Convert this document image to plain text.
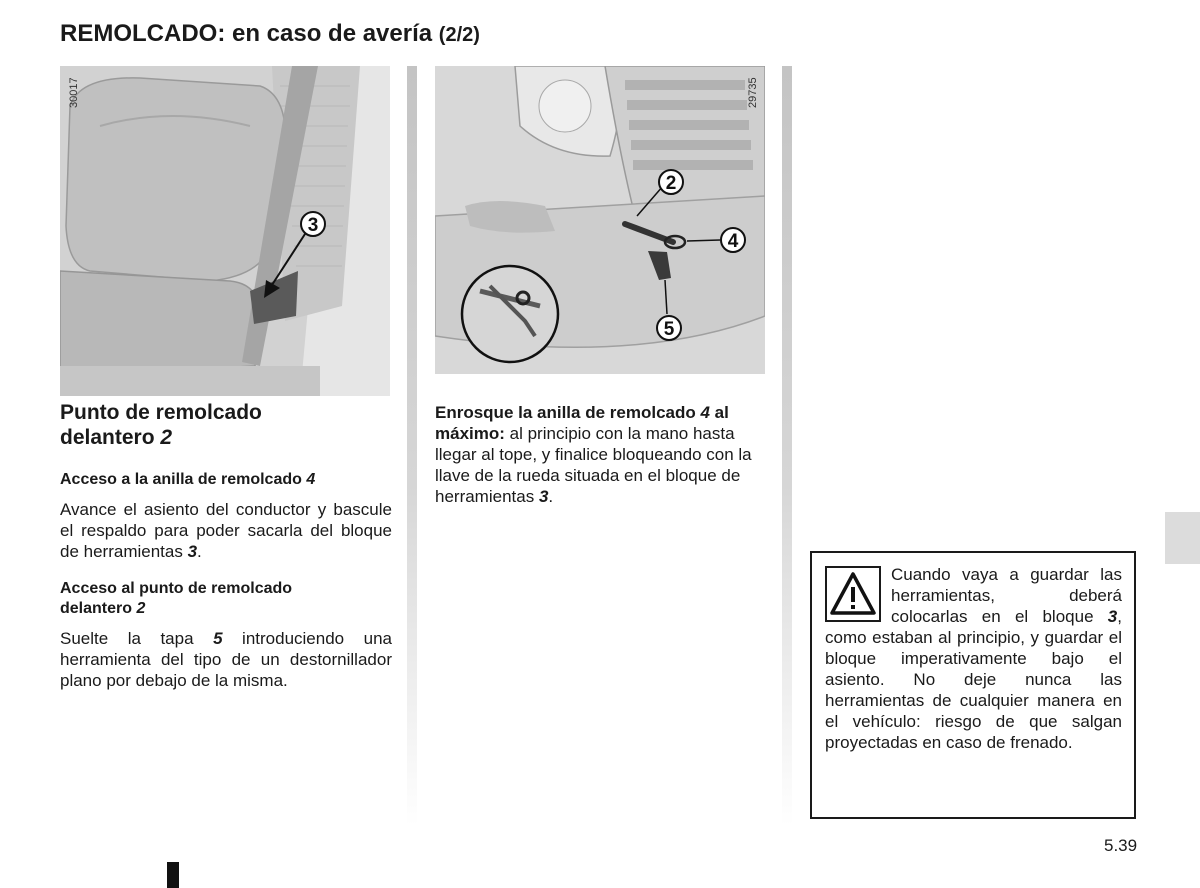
REMOLCADO: en caso de avería (2/2)
3
30017
2
4
5
29735
Punto de remolcado
delantero 2
Acceso a la anilla de remolcado 4
Avance el asiento del conductor y bascule el respaldo para poder sacarla del bloque de herramientas 3.
Acceso al punto de remolcado
delantero 2
Suelte la tapa 5 introduciendo una herramienta del tipo de un destornillador plano por debajo de la misma.
Enrosque la anilla de remolcado 4 al máximo: al principio con la mano hasta llegar al tope, y finalice bloqueando con la llave de la rueda situada en el bloque de herramientas 3.
Cuando vaya a guardar las herramientas, deberá colocarlas en el bloque 3, como estaban al principio, y guardar el bloque imperativamente bajo el asiento. No deje nunca las herramientas de cualquier manera en el vehículo: riesgo de que salgan proyectadas en caso de frenado.
5.39
